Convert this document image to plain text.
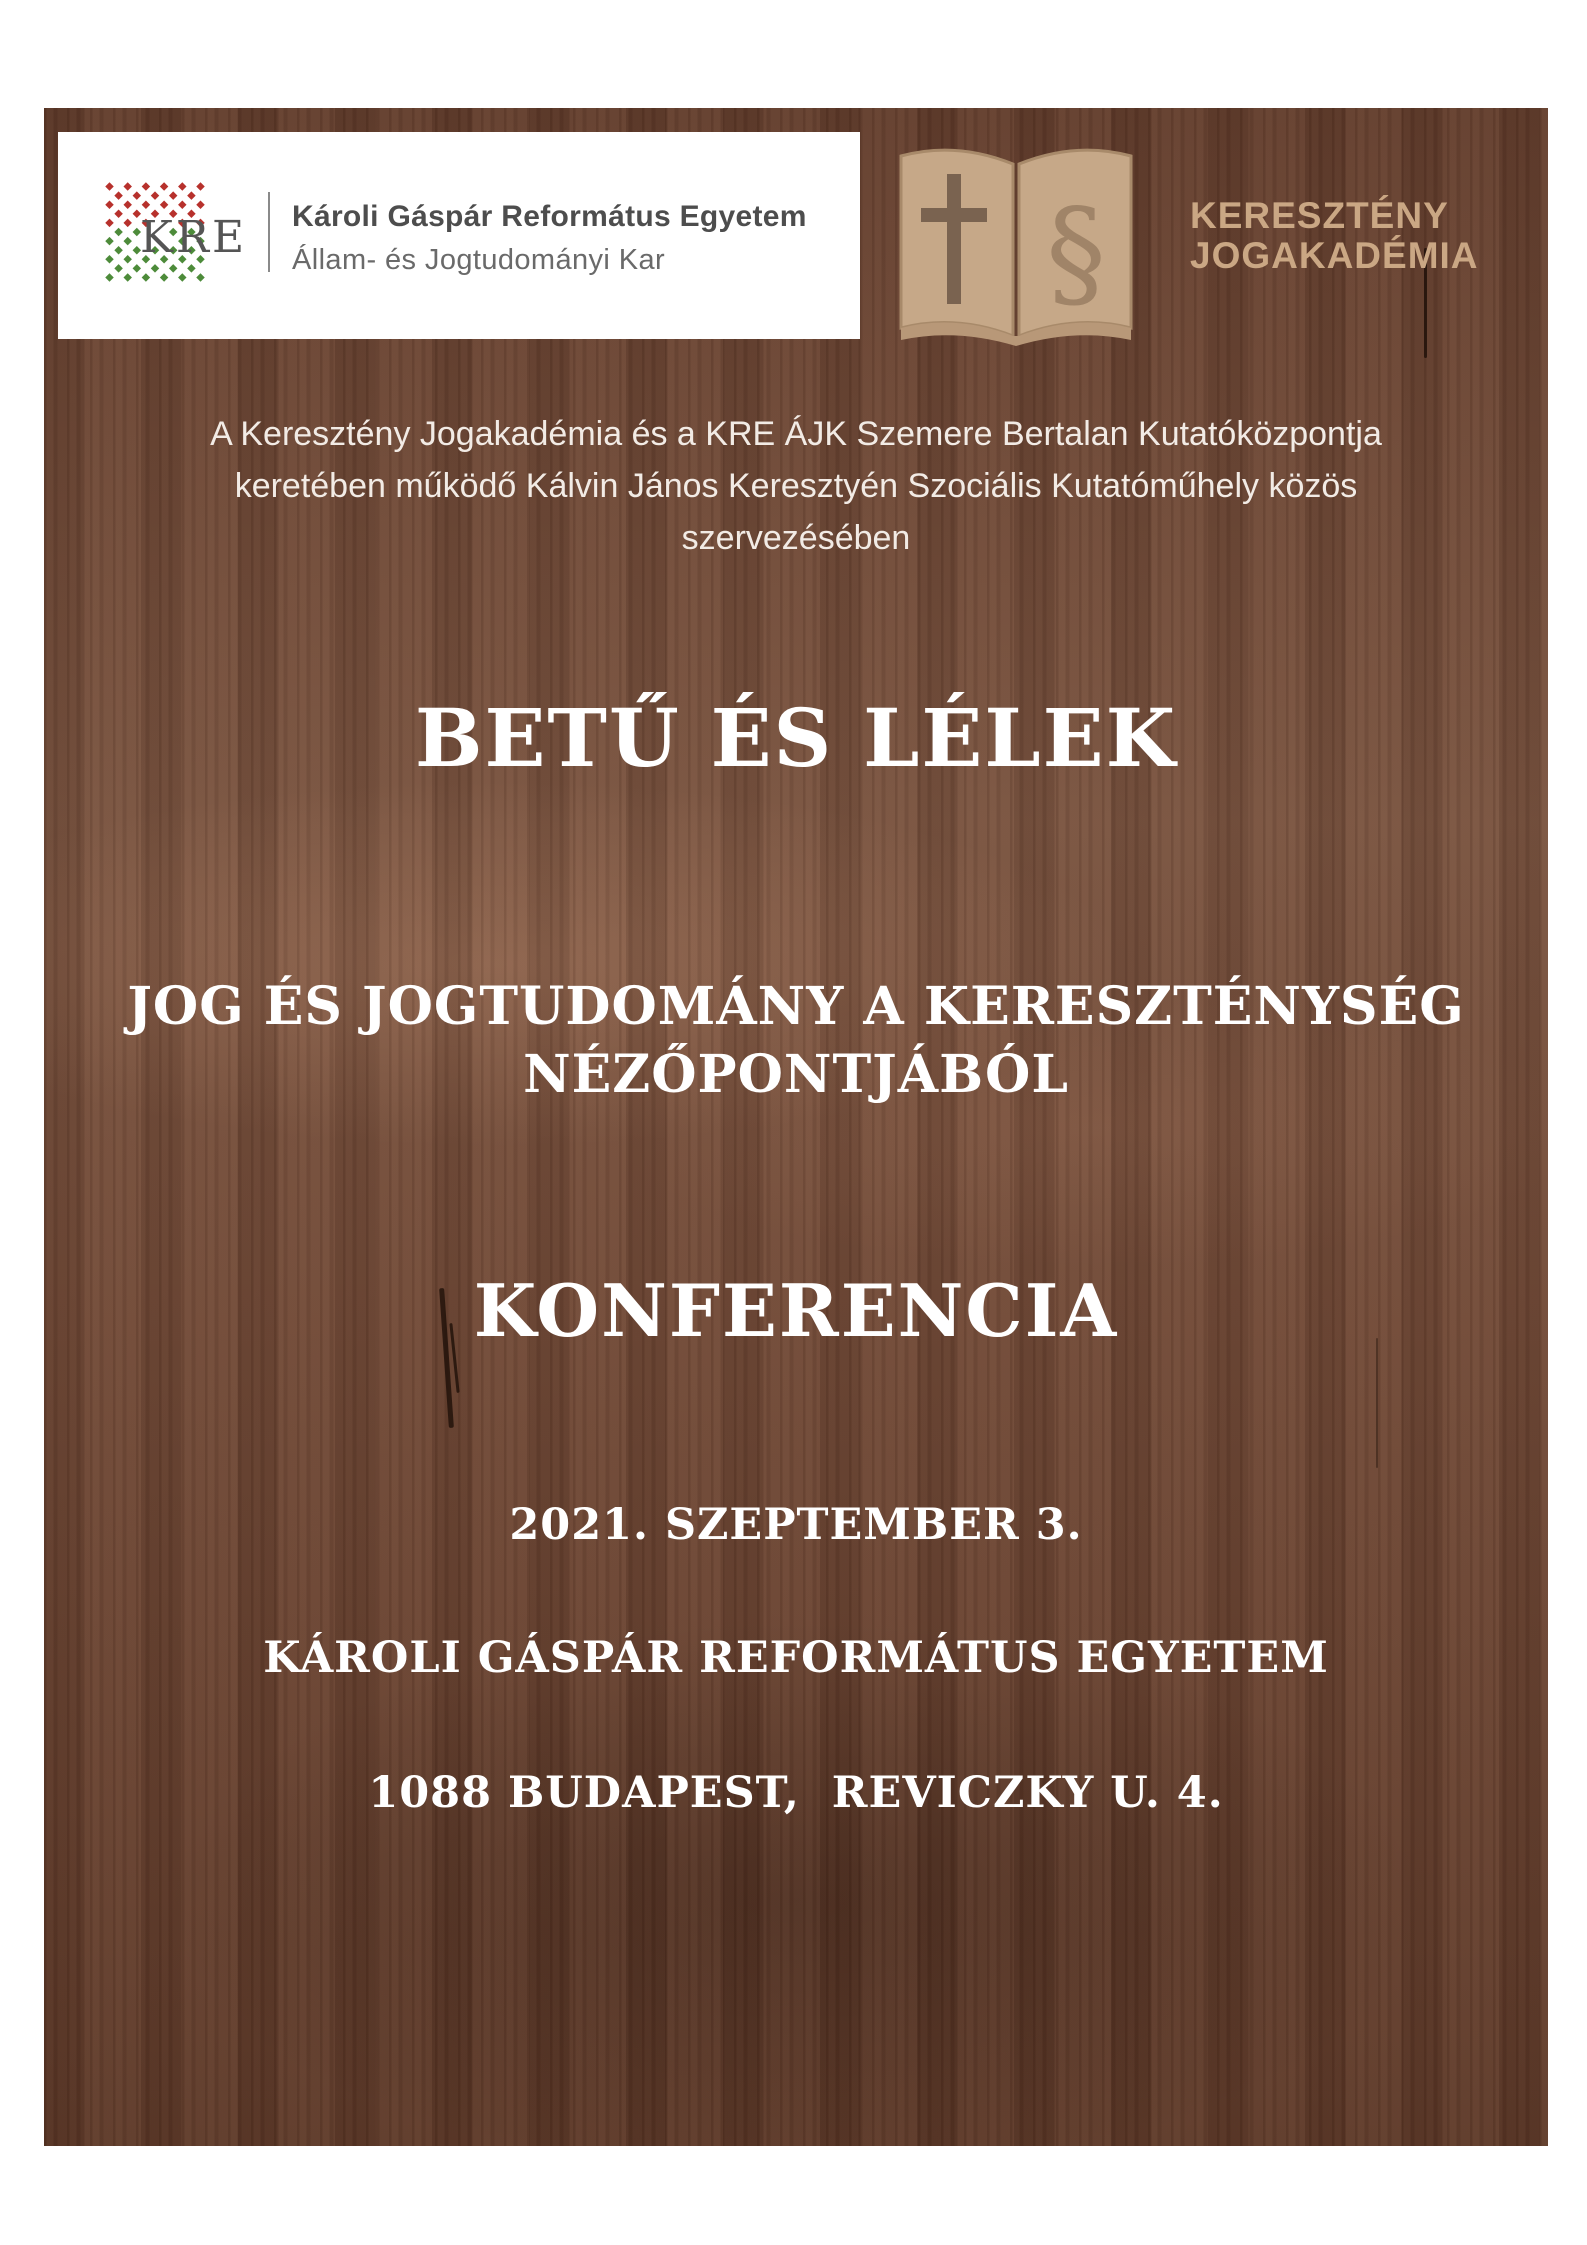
KRE Károli Gáspár Református Egyetem
Állam- és Jogtudományi Kar	§ KERESZTÉNY
JOGAKADÉMIA
A Keresztény Jogakadémia és a KRE ÁJK Szemere Bertalan Kutatóközpontja
keretében működő Kálvin János Keresztyén Szociális Kutatóműhely közös
szervezésében
BETŰ ÉS LÉLEK
JOG ÉS JOGTUDOMÁNY A KERESZTÉNYSÉG
NÉZŐPONTJÁBÓL
KONFERENCIA
2021. SZEPTEMBER 3.
KÁROLI GÁSPÁR REFORMÁTUS EGYETEM
1088 BUDAPEST,  REVICZKY U. 4.
